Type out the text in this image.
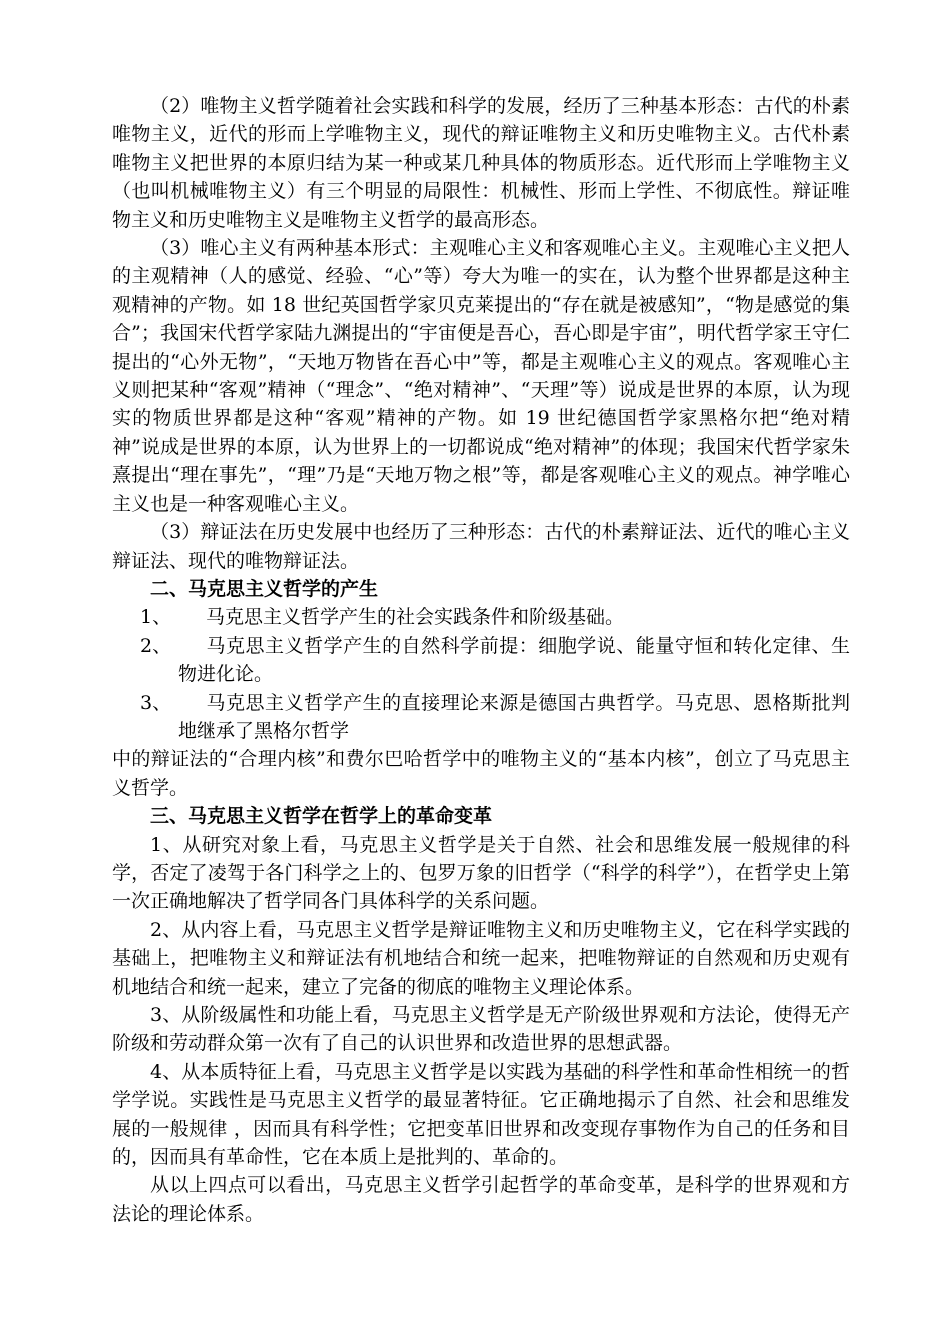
（2）唯物主义哲学随着社会实践和科学的发展，经历了三种基本形态：古代的朴素唯物主义，近代的形而上学唯物主义，现代的辩证唯物主义和历史唯物主义。古代朴素唯物主义把世界的本原归结为某一种或某几种具体的物质形态。近代形而上学唯物主义（也叫机械唯物主义）有三个明显的局限性：机械性、形而上学性、不彻底性。辩证唯物主义和历史唯物主义是唯物主义哲学的最高形态。

（3）唯心主义有两种基本形式：主观唯心主义和客观唯心主义。主观唯心主义把人的主观精神（人的感觉、经验、“心”等）夸大为唯一的实在，认为整个世界都是这种主观精神的产物。如 18 世纪英国哲学家贝克莱提出的“存在就是被感知”，“物是感觉的集合”；我国宋代哲学家陆九渊提出的“宇宙便是吾心，吾心即是宇宙”，明代哲学家王守仁提出的“心外无物”，“天地万物皆在吾心中”等，都是主观唯心主义的观点。客观唯心主义则把某种“客观”精神（“理念”、“绝对精神”、“天理”等）说成是世界的本原，认为现实的物质世界都是这种“客观”精神的产物。如 19 世纪德国哲学家黑格尔把“绝对精神”说成是世界的本原，认为世界上的一切都说成“绝对精神”的体现；我国宋代哲学家朱熹提出“理在事先”，“理”乃是“天地万物之根”等，都是客观唯心主义的观点。神学唯心主义也是一种客观唯心主义。

（3）辩证法在历史发展中也经历了三种形态：古代的朴素辩证法、近代的唯心主义辩证法、现代的唯物辩证法。

二、马克思主义哲学的产生

1、 马克思主义哲学产生的社会实践条件和阶级基础。

2、 马克思主义哲学产生的自然科学前提：细胞学说、能量守恒和转化定律、生物进化论。

3、 马克思主义哲学产生的直接理论来源是德国古典哲学。马克思、恩格斯批判地继承了黑格尔哲学

中的辩证法的“合理内核”和费尔巴哈哲学中的唯物主义的“基本内核”，创立了马克思主义哲学。

三、马克思主义哲学在哲学上的革命变革

1、从研究对象上看，马克思主义哲学是关于自然、社会和思维发展一般规律的科学，否定了凌驾于各门科学之上的、包罗万象的旧哲学（“科学的科学”），在哲学史上第一次正确地解决了哲学同各门具体科学的关系问题。

2、从内容上看，马克思主义哲学是辩证唯物主义和历史唯物主义，它在科学实践的基础上，把唯物主义和辩证法有机地结合和统一起来，把唯物辩证的自然观和历史观有机地结合和统一起来，建立了完备的彻底的唯物主义理论体系。

3、从阶级属性和功能上看，马克思主义哲学是无产阶级世界观和方法论，使得无产阶级和劳动群众第一次有了自己的认识世界和改造世界的思想武器。

4、从本质特征上看，马克思主义哲学是以实践为基础的科学性和革命性相统一的哲学学说。实践性是马克思主义哲学的最显著特征。它正确地揭示了自然、社会和思维发展的一般规律 ，因而具有科学性；它把变革旧世界和改变现存事物作为自己的任务和目的，因而具有革命性，它在本质上是批判的、革命的。

从以上四点可以看出，马克思主义哲学引起哲学的革命变革，是科学的世界观和方法论的理论体系。
